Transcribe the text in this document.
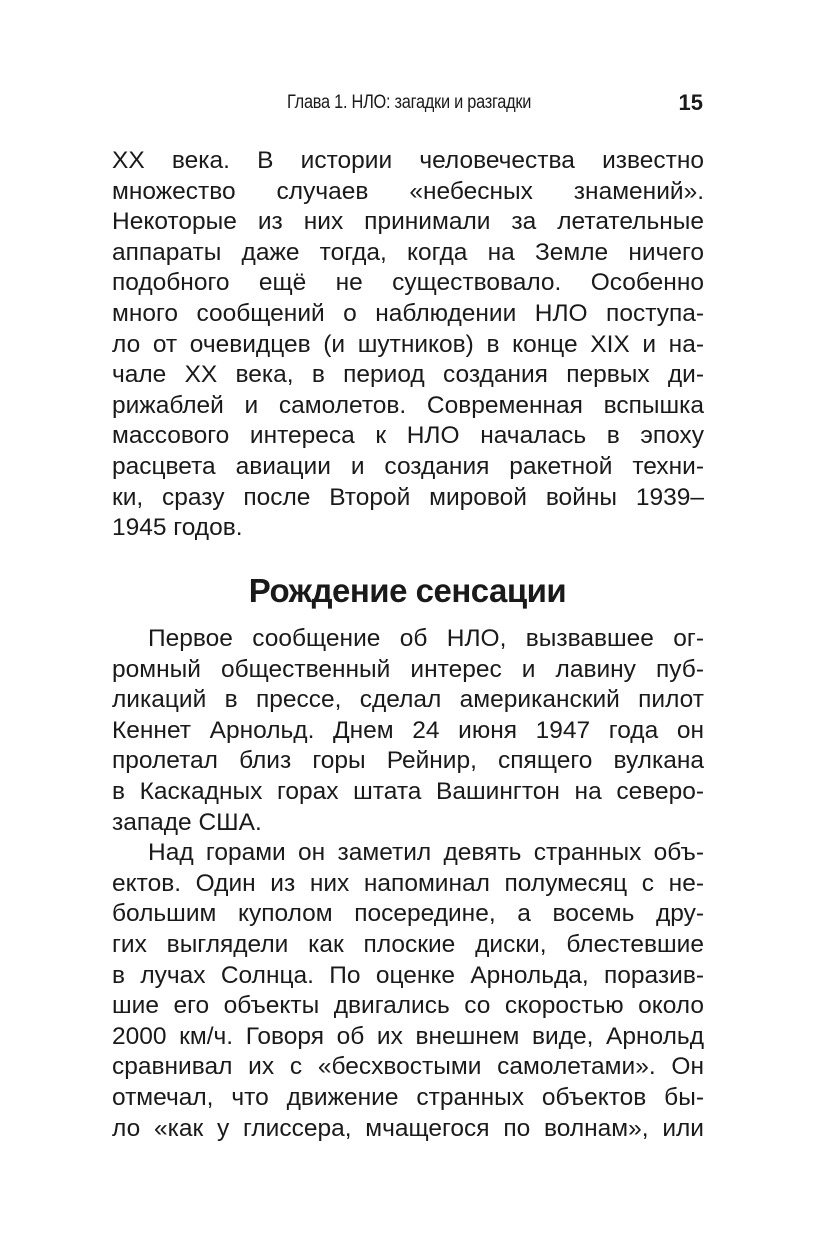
Глава 1. НЛО: загадки и разгадки	15
XX века. В истории человечества известно
множество случаев «небесных знамений».
Некоторые из них принимали за летательные
аппараты даже тогда, когда на Земле ничего
подобного ещё не существовало. Особенно
много сообщений о наблюдении НЛО поступа-
ло от очевидцев (и шутников) в конце XIX и на-
чале XX века, в период создания первых ди-
рижаблей и самолетов. Современная вспышка
массового интереса к НЛО началась в эпоху
расцвета авиации и создания ракетной техни-
ки, сразу после Второй мировой войны 1939–
1945 годов.
Рождение сенсации
Первое сообщение об НЛО, вызвавшее ог-
ромный общественный интерес и лавину пуб-
ликаций в прессе, сделал американский пилот
Кеннет Арнольд. Днем 24 июня 1947 года он
пролетал близ горы Рейнир, спящего вулкана
в Каскадных горах штата Вашингтон на северо-
западе США.
Над горами он заметил девять странных объ-
ектов. Один из них напоминал полумесяц с не-
большим куполом посередине, а восемь дру-
гих выглядели как плоские диски, блестевшие
в лучах Солнца. По оценке Арнольда, поразив-
шие его объекты двигались со скоростью около
2000 км/ч. Говоря об их внешнем виде, Арнольд
сравнивал их с «бесхвостыми самолетами». Он
отмечал, что движение странных объектов бы-
ло «как у глиссера, мчащегося по волнам», или
